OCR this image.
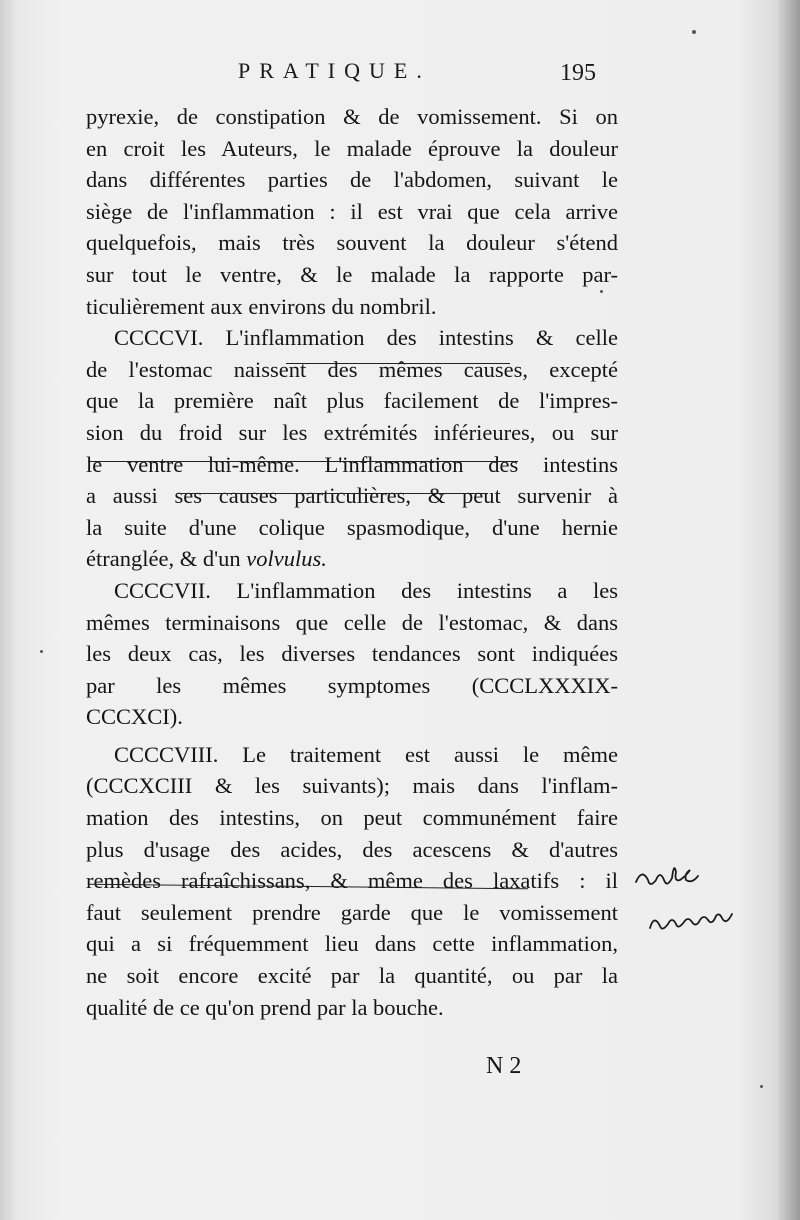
PRATIQUE.	195
pyrexie, de constipation & de vomissement. Si on
en croit les Auteurs, le malade éprouve la douleur
dans différentes parties de l'abdomen, suivant le
siège de l'inflammation : il est vrai que cela arrive
quelquefois, mais très souvent la douleur s'étend
sur tout le ventre, & le malade la rapporte par-
ticulièrement aux environs du nombril.
CCCCVI. L'inflammation des intestins & celle
de l'estomac naissent des mêmes causes, excepté
que la première naît plus facilement de l'impres-
sion du froid sur les extrémités inférieures, ou sur
le ventre lui-même. L'inflammation des intestins
a aussi ses causes particulières, & peut survenir à
la suite d'une colique spasmodique, d'une hernie
étranglée, & d'un volvulus.
CCCCVII. L'inflammation des intestins a les
mêmes terminaisons que celle de l'estomac, & dans
les deux cas, les diverses tendances sont indiquées
par les mêmes symptomes (CCCLXXXIX-
CCCXCI).
CCCCVIII. Le traitement est aussi le même
(CCCXCIII & les suivants); mais dans l'inflam-
mation des intestins, on peut communément faire
plus d'usage des acides, des acescens & d'autres
remèdes rafraîchissans, & même des laxatifs : il
faut seulement prendre garde que le vomissement
qui a si fréquemment lieu dans cette inflammation,
ne soit encore excité par la quantité, ou par la
qualité de ce qu'on prend par la bouche.
N 2
